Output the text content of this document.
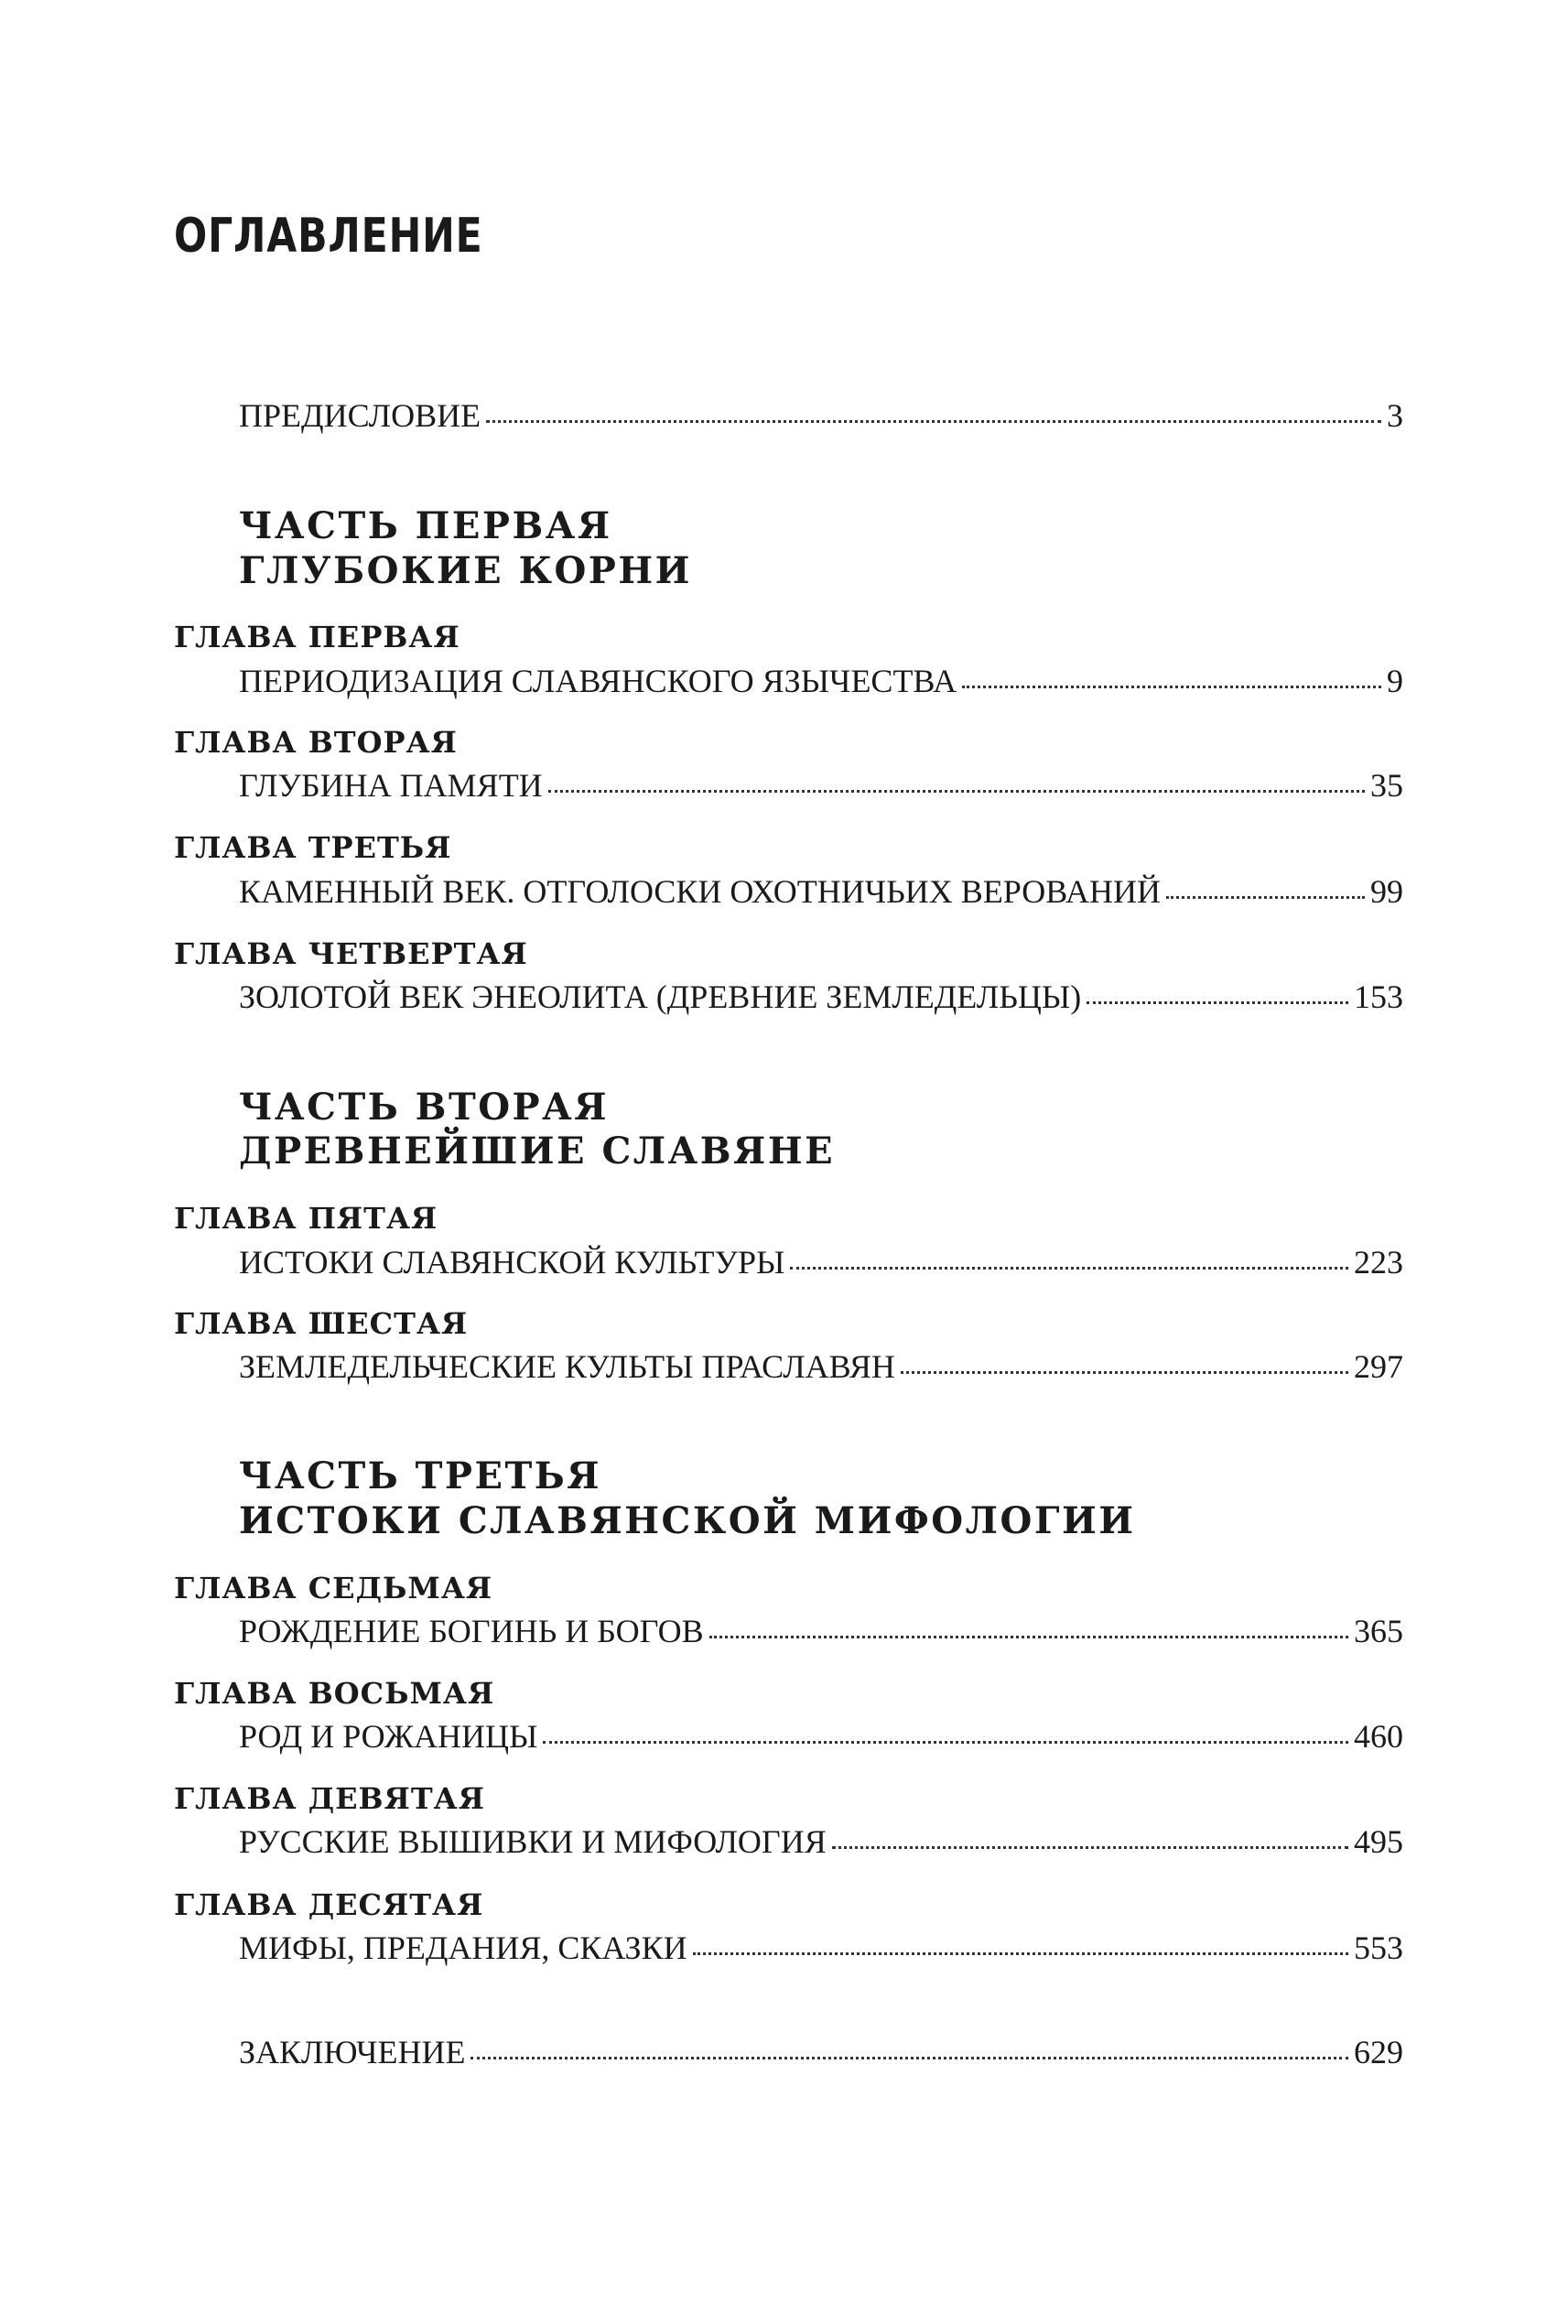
ОГЛАВЛЕНИЕ
ПРЕДИСЛОВИЕ	3
ЧАСТЬ ПЕРВАЯ
ГЛУБОКИЕ КОРНИ
ГЛАВА ПЕРВАЯ
ПЕРИОДИЗАЦИЯ СЛАВЯНСКОГО ЯЗЫЧЕСТВА	9
ГЛАВА ВТОРАЯ
ГЛУБИНА ПАМЯТИ	35
ГЛАВА ТРЕТЬЯ
КАМЕННЫЙ ВЕК. ОТГОЛОСКИ ОХОТНИЧЬИХ ВЕРОВАНИЙ	99
ГЛАВА ЧЕТВЕРТАЯ
ЗОЛОТОЙ ВЕК ЭНЕОЛИТА (ДРЕВНИЕ ЗЕМЛЕДЕЛЬЦЫ)	153
ЧАСТЬ ВТОРАЯ
ДРЕВНЕЙШИЕ СЛАВЯНЕ
ГЛАВА ПЯТАЯ
ИСТОКИ СЛАВЯНСКОЙ КУЛЬТУРЫ	223
ГЛАВА ШЕСТАЯ
ЗЕМЛЕДЕЛЬЧЕСКИЕ КУЛЬТЫ ПРАСЛАВЯН	297
ЧАСТЬ ТРЕТЬЯ
ИСТОКИ СЛАВЯНСКОЙ МИФОЛОГИИ
ГЛАВА СЕДЬМАЯ
РОЖДЕНИЕ БОГИНЬ И БОГОВ	365
ГЛАВА ВОСЬМАЯ
РОД И РОЖАНИЦЫ	460
ГЛАВА ДЕВЯТАЯ
РУССКИЕ ВЫШИВКИ И МИФОЛОГИЯ	495
ГЛАВА ДЕСЯТАЯ
МИФЫ, ПРЕДАНИЯ, СКАЗКИ	553
ЗАКЛЮЧЕНИЕ	629
